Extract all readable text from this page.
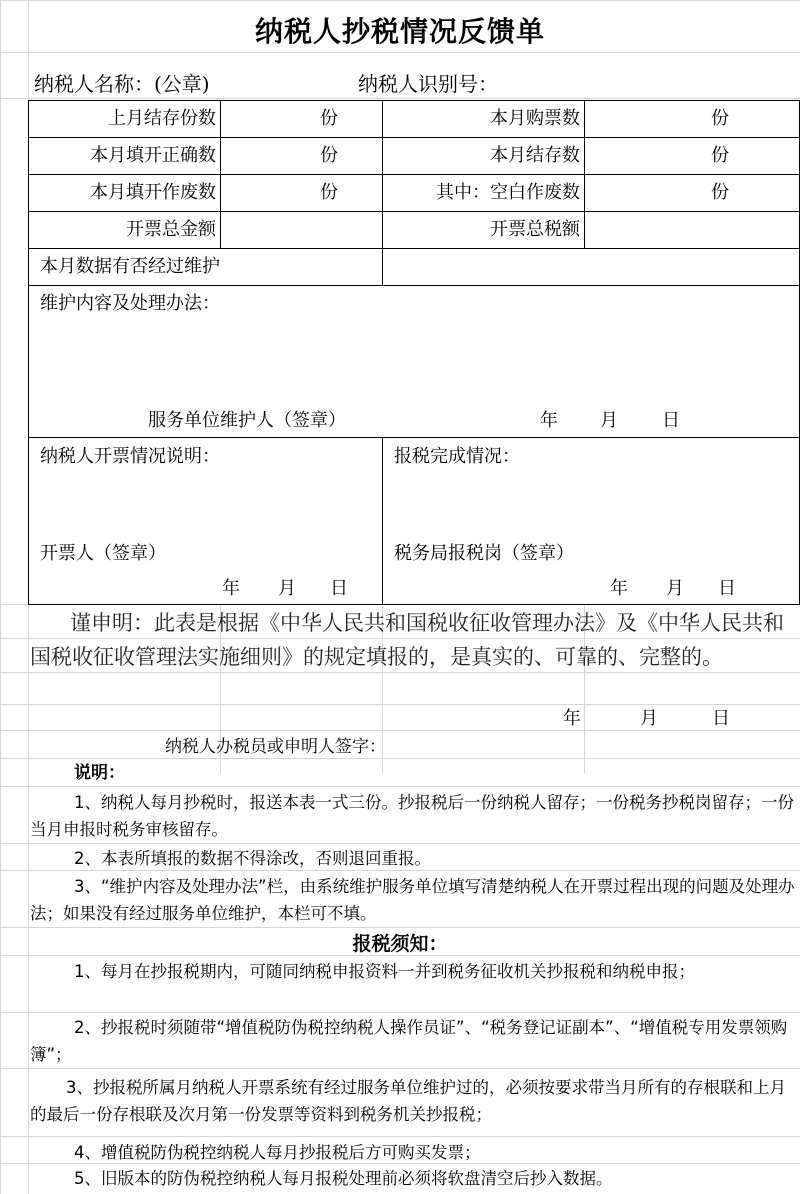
纳税人抄税情况反馈单
纳税人名称：(公章)	纳税人识别号：
上月结存份数	份	本月购票数	份
本月填开正确数	份	本月结存数	份
本月填开作废数	份	其中：空白作废数	份
开票总金额	开票总税额
本月数据有否经过维护
维护内容及处理办法：
服务单位维护人（签章）	年 月 日
纳税人开票情况说明：	报税完成情况：
开票人（签章）	税务局报税岗（签章）
年 月 日	年 月 日
谨申明：此表是根据《中华人民共和国税收征收管理办法》及《中华人民共和国税收征收管理法实施细则》的规定填报的，是真实的、可靠的、完整的。
年	月	日
纳税人办税员或申明人签字：
说明：
1、纳税人每月抄税时，报送本表一式三份。抄报税后一份纳税人留存；一份税务抄税岗留存；一份当月申报时税务审核留存。
2、本表所填报的数据不得涂改，否则退回重报。
3、“维护内容及处理办法”栏，由系统维护服务单位填写清楚纳税人在开票过程出现的问题及处理办法；如果没有经过服务单位维护，本栏可不填。
报税须知：
1、每月在抄报税期内，可随同纳税申报资料一并到税务征收机关抄报税和纳税申报；
2、抄报税时须随带“增值税防伪税控纳税人操作员证”、“税务登记证副本”、“增值税专用发票领购簿”；
3、抄报税所属月纳税人开票系统有经过服务单位维护过的，必须按要求带当月所有的存根联和上月的最后一份存根联及次月第一份发票等资料到税务机关抄报税；
4、增值税防伪税控纳税人每月抄报税后方可购买发票；
5、旧版本的防伪税控纳税人每月报税处理前必须将软盘清空后抄入数据。
